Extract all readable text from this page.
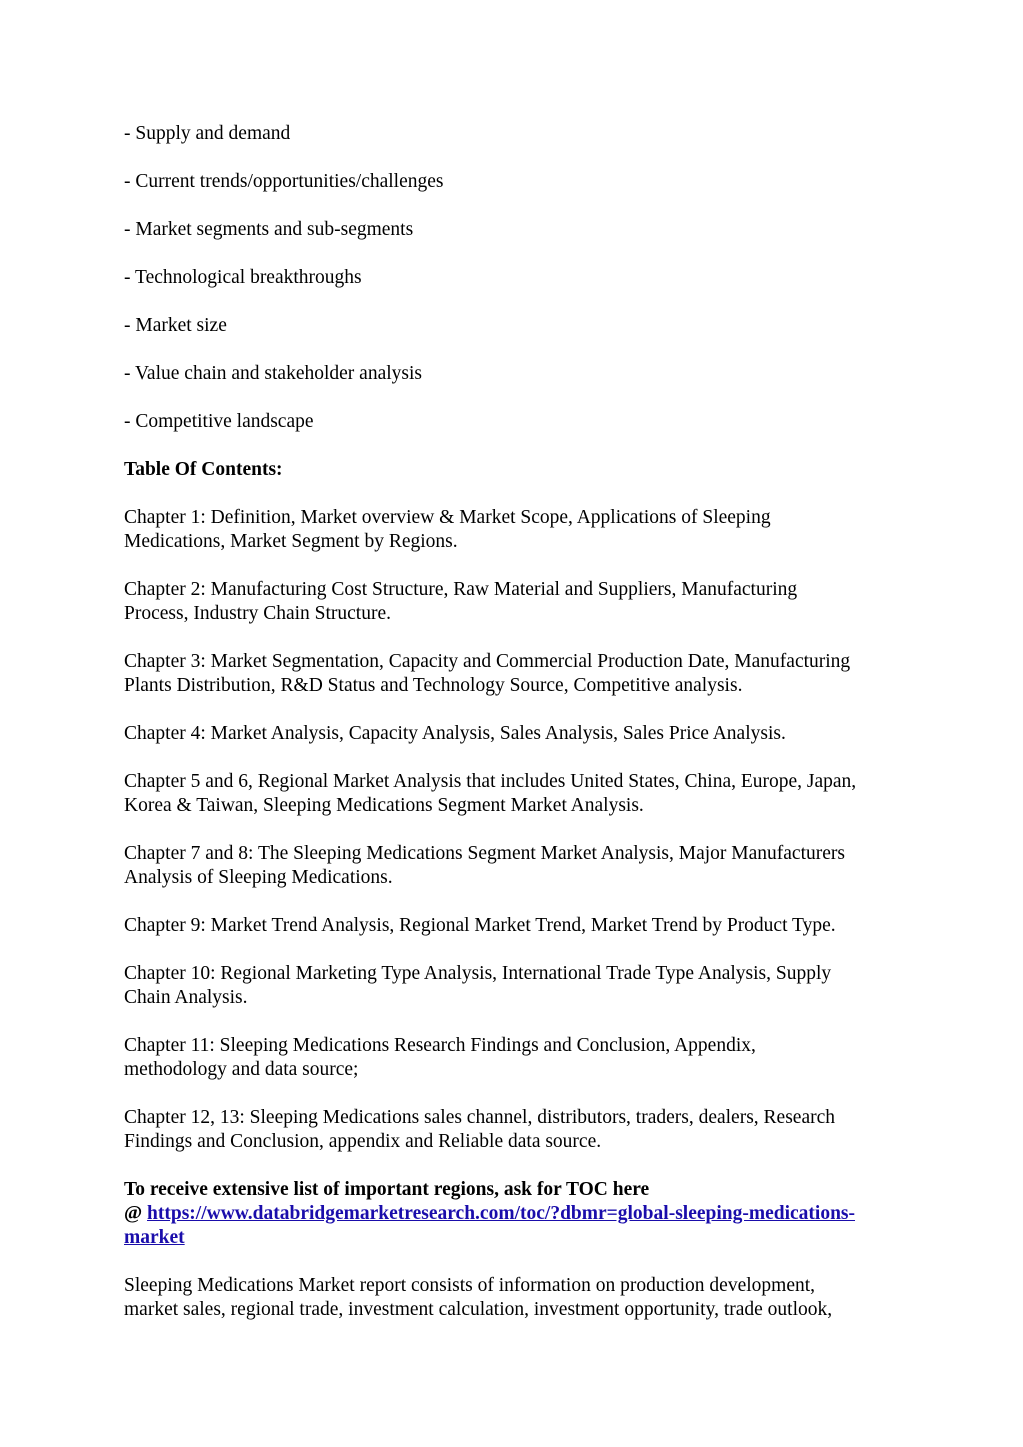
- Supply and demand
- Current trends/opportunities/challenges
- Market segments and sub-segments
- Technological breakthroughs
- Market size
- Value chain and stakeholder analysis
- Competitive landscape
Table Of Contents:
Chapter 1: Definition, Market overview & Market Scope, Applications of Sleeping
Medications, Market Segment by Regions.
Chapter 2: Manufacturing Cost Structure, Raw Material and Suppliers, Manufacturing
Process, Industry Chain Structure.
Chapter 3: Market Segmentation, Capacity and Commercial Production Date, Manufacturing
Plants Distribution, R&D Status and Technology Source, Competitive analysis.
Chapter 4: Market Analysis, Capacity Analysis, Sales Analysis, Sales Price Analysis.
Chapter 5 and 6, Regional Market Analysis that includes United States, China, Europe, Japan,
Korea & Taiwan, Sleeping Medications Segment Market Analysis.
Chapter 7 and 8: The Sleeping Medications Segment Market Analysis, Major Manufacturers
Analysis of Sleeping Medications.
Chapter 9: Market Trend Analysis, Regional Market Trend, Market Trend by Product Type.
Chapter 10: Regional Marketing Type Analysis, International Trade Type Analysis, Supply
Chain Analysis.
Chapter 11: Sleeping Medications Research Findings and Conclusion, Appendix,
methodology and data source;
Chapter 12, 13: Sleeping Medications sales channel, distributors, traders, dealers, Research
Findings and Conclusion, appendix and Reliable data source.
To receive extensive list of important regions, ask for TOC here
@ https://www.databridgemarketresearch.com/toc/?dbmr=global-sleeping-medications-
market
Sleeping Medications Market report consists of information on production development,
market sales, regional trade, investment calculation, investment opportunity, trade outlook,
